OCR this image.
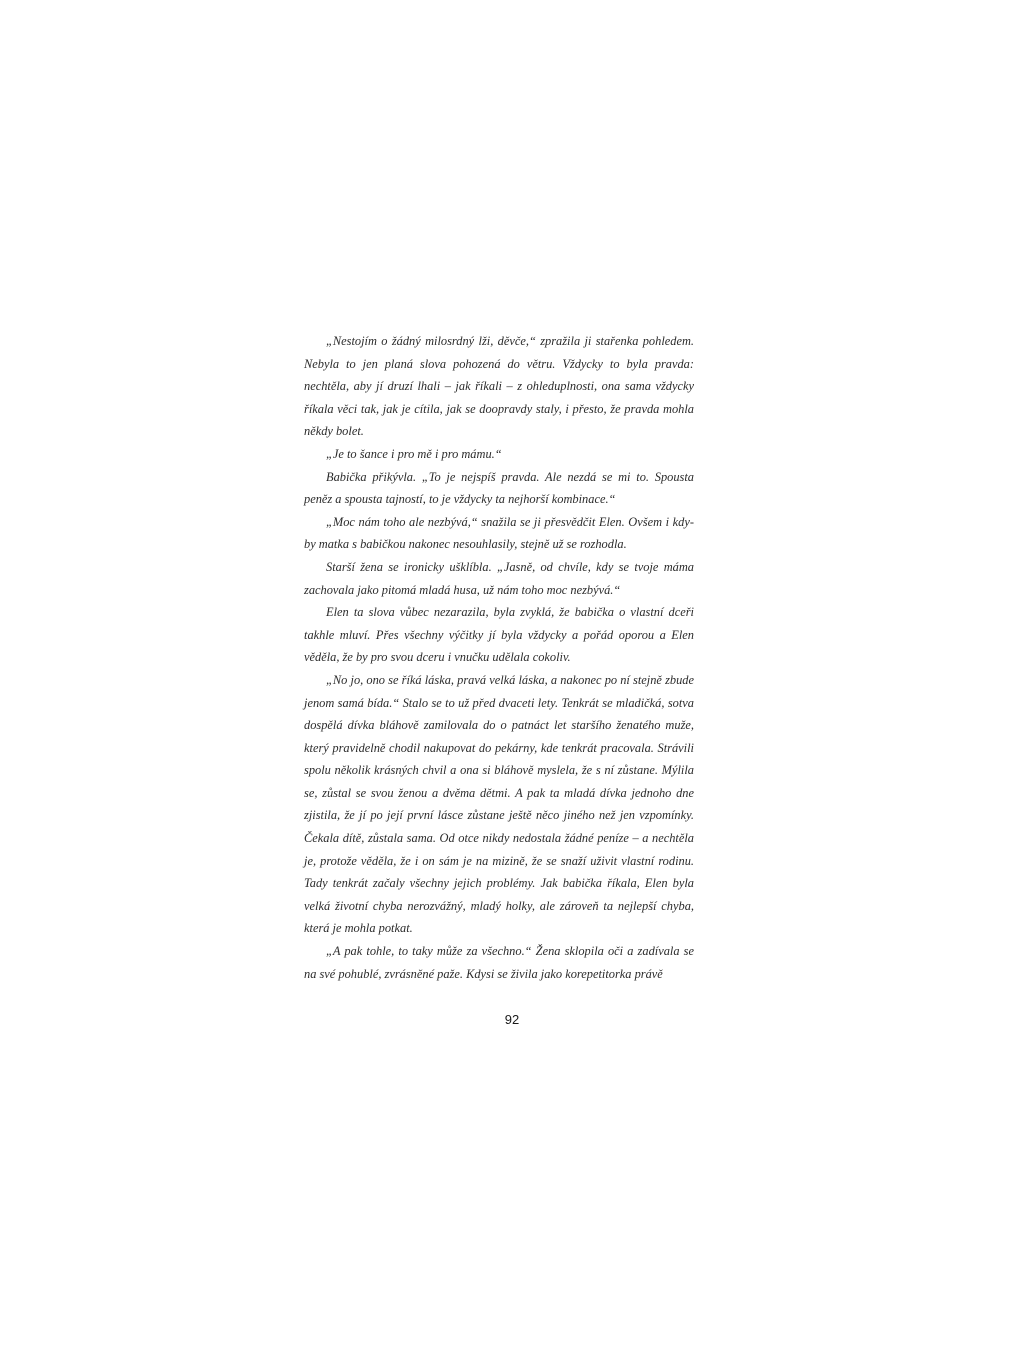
„Nestojím o žádný milosrdný lži, děvče,“ zpražila ji stařenka pohledem. Nebyla to jen planá slova pohozená do větru. Vždycky to byla pravda: nechtěla, aby jí druzí lhali – jak říkali – z ohleduplnosti, ona sama vždycky říkala věci tak, jak je cítila, jak se doopravdy staly, i přesto, že pravda mohla někdy bolet.

„Je to šance i pro mě i pro mámu.“

Babička přikývla. „To je nejspíš pravda. Ale nezdá se mi to. Spousta peněz a spousta tajností, to je vždycky ta nejhorší kombinace.“

„Moc nám toho ale nezbývá,“ snažila se ji přesvědčit Elen. Ovšem i kdyby matka s babičkou nakonec nesouhlasily, stejně už se rozhodla.

Starší žena se ironicky ušklíbla. „Jasně, od chvíle, kdy se tvoje máma zachovala jako pitomá mladá husa, už nám toho moc nezbývá.“

Elen ta slova vůbec nezarazila, byla zvyklá, že babička o vlastní dceři takhle mluví. Přes všechny výčitky jí byla vždycky a pořád oporou a Elen věděla, že by pro svou dceru i vnučku udělala cokoliv.

„No jo, ono se říká láska, pravá velká láska, a nakonec po ní stejně zbude jenom samá bída.“ Stalo se to už před dvaceti lety. Tenkrát se mladičká, sotva dospělá dívka bláhově zamilovala do o patnáct let staršího ženatého muže, který pravidelně chodil nakupovat do pekárny, kde tenkrát pracovala. Strávili spolu několik krásných chvil a ona si bláhově myslela, že s ní zůstane. Mýlila se, zůstal se svou ženou a dvěma dětmi. A pak ta mladá dívka jednoho dne zjistila, že jí po její první lásce zůstane ještě něco jiného než jen vzpomínky. Čekala dítě, zůstala sama. Od otce nikdy nedostala žádné peníze – a nechtěla je, protože věděla, že i on sám je na mizině, že se snaží uživit vlastní rodinu. Tady tenkrát začaly všechny jejich problémy. Jak babička říkala, Elen byla velká životní chyba nerozvážný, mladý holky, ale zároveň ta nejlepší chyba, která je mohla potkat.

„A pak tohle, to taky může za všechno.“ Žena sklopila oči a zadívala se na své pohublé, zvrásněné paže. Kdysi se živila jako korepetitorka právě

92
